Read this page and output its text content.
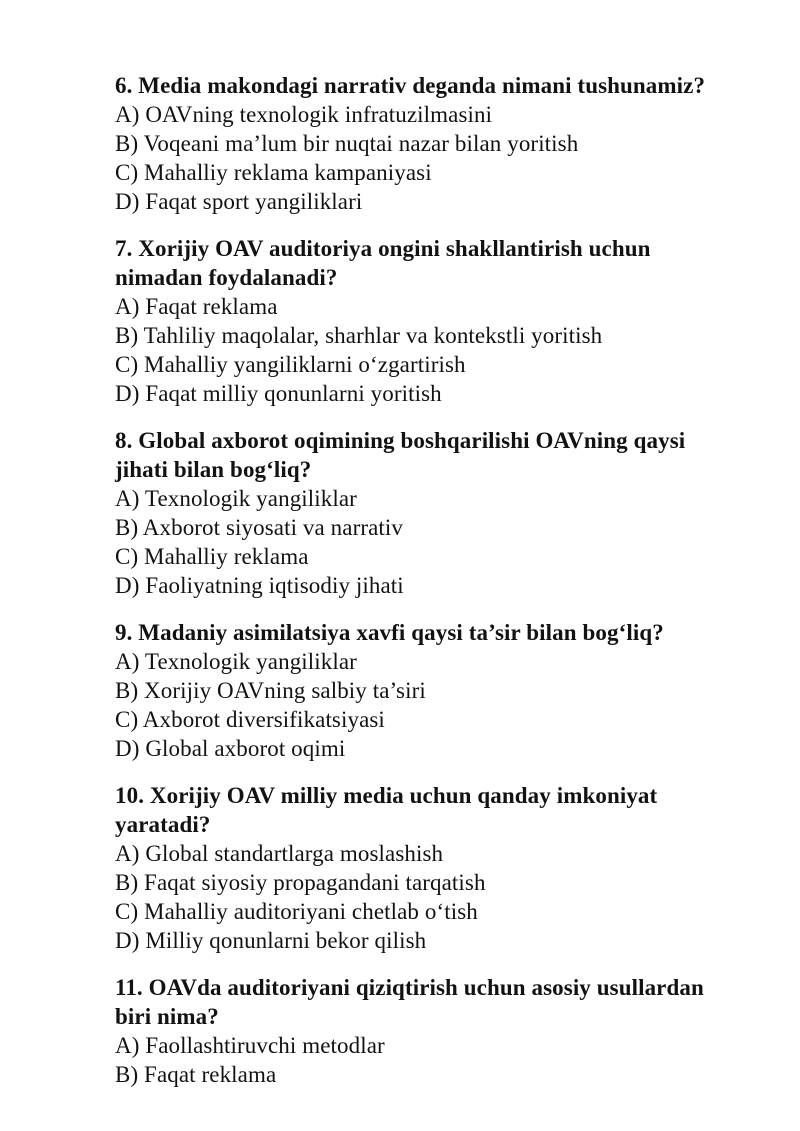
6. Media makondagi narrativ deganda nimani tushunamiz?

A) OAVning texnologik infratuzilmasini

B) Voqeani ma’lum bir nuqtai nazar bilan yoritish

C) Mahalliy reklama kampaniyasi

D) Faqat sport yangiliklari

7. Xorijiy OAV auditoriya ongini shakllantirish uchun nimadan foydalanadi?

A) Faqat reklama

B) Tahliliy maqolalar, sharhlar va kontekstli yoritish

C) Mahalliy yangiliklarni o‘zgartirish

D) Faqat milliy qonunlarni yoritish

8. Global axborot oqimining boshqarilishi OAVning qaysi jihati bilan bog‘liq?

A) Texnologik yangiliklar

B) Axborot siyosati va narrativ

C) Mahalliy reklama

D) Faoliyatning iqtisodiy jihati

9. Madaniy asimilatsiya xavfi qaysi ta’sir bilan bog‘liq?

A) Texnologik yangiliklar

B) Xorijiy OAVning salbiy ta’siri

C) Axborot diversifikatsiyasi

D) Global axborot oqimi

10. Xorijiy OAV milliy media uchun qanday imkoniyat yaratadi?

A) Global standartlarga moslashish

B) Faqat siyosiy propagandani tarqatish

C) Mahalliy auditoriyani chetlab o‘tish

D) Milliy qonunlarni bekor qilish

11. OAVda auditoriyani qiziqtirish uchun asosiy usullardan biri nima?

A) Faollashtiruvchi metodlar

B) Faqat reklama
